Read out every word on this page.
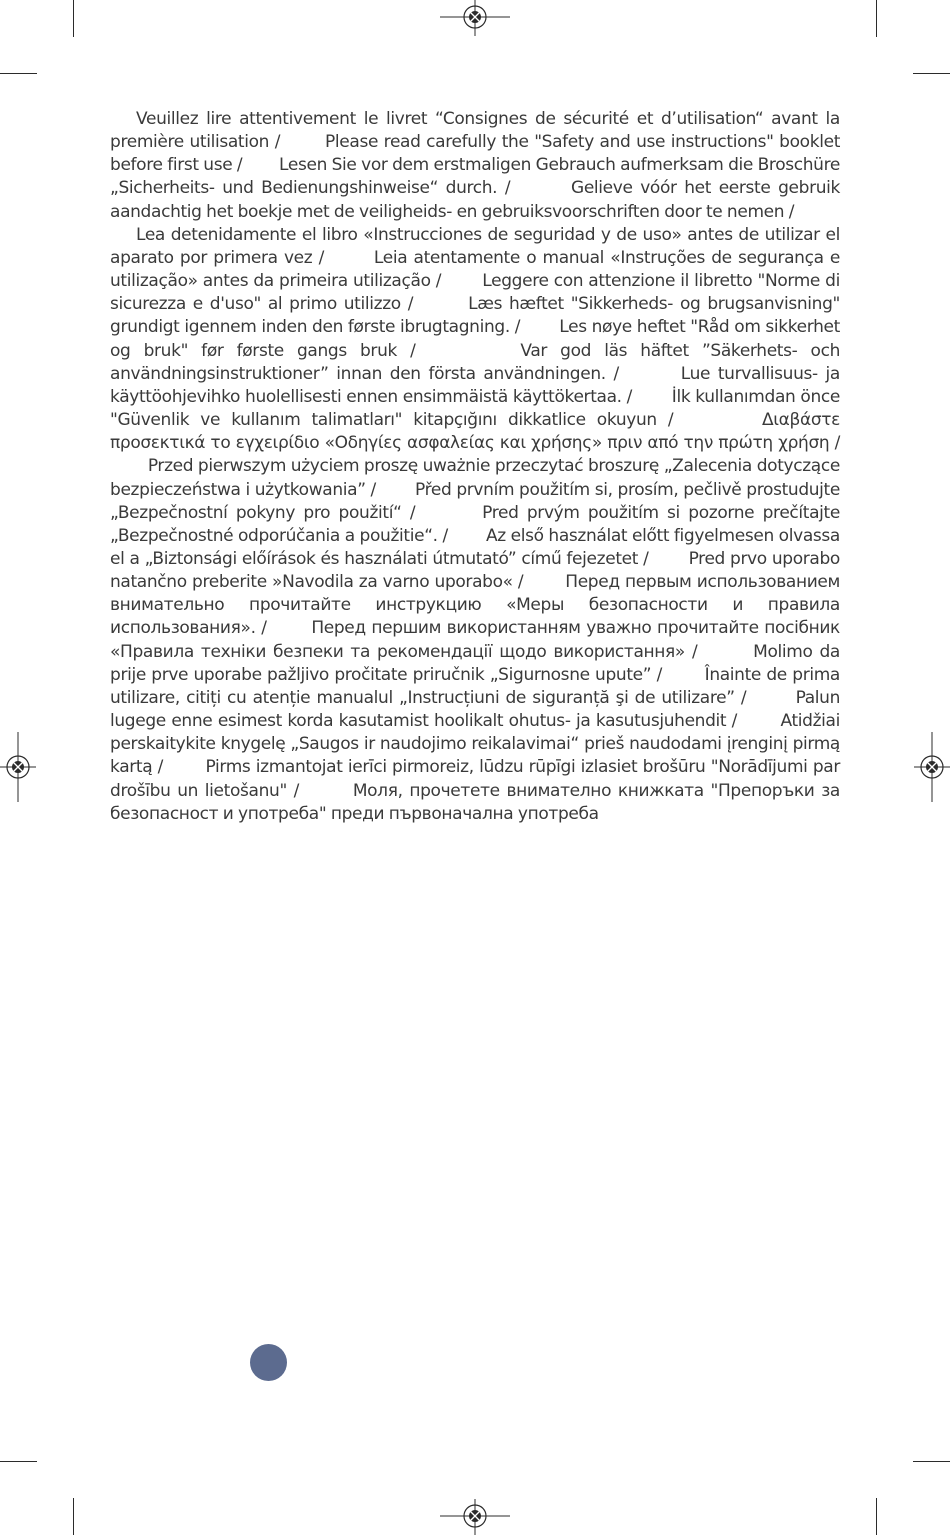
Veuillez lire attentivement le livret “Consignes de sécurité et d’utilisation“ avant la première utilisation /	Please read carefully the "Safety and use instructions" booklet before first use / Lesen Sie vor dem erstmaligen Gebrauch aufmerksam die Broschüre „Sicherheits- und Bedienungshinweise“ durch. /	Gelieve vóór het eerste gebruik aandachtig het boekje met de veiligheids- en gebruiksvoorschriften door te nemen /

Lea detenidamente el libro «Instrucciones de seguridad y de uso» antes de utilizar el aparato por primera vez /	Leia atentamente o manual «Instruções de segurança e utilização» antes da primeira utilização / Leggere con attenzione il libretto "Norme di sicurezza e d'uso" al primo utilizzo /	Læs hæftet "Sikkerheds- og brugsanvisning" grundigt igennem inden den første ibrugtagning. / Les nøye heftet "Råd om sikkerhet og bruk" før første gangs bruk /	Var god läs häftet ”Säkerhets- och användningsinstruktioner” innan den första användningen. /	Lue turvallisuus- ja käyttöohjevihko huolellisesti ennen ensimmäistä käyttökertaa. / İlk kullanımdan önce "Güvenlik ve kullanım talimatları" kitapçığını dikkatlice okuyun /	Διαβάστε προσεκτικά το εγχειρίδιο «Οδηγίες ασφαλείας και χρήσης» πριν από την πρώτη χρήση /        Przed pierwszym użyciem proszę uważnie przeczytać broszurę „Zalecenia dotyczące bezpieczeństwa i użytkowania” / Před prvním použitím si, prosím, pečlivě prostudujte „Bezpečnostní pokyny pro použití“ /	Pred prvým použitím si pozorne prečítajte „Bezpečnostné odporúčania a použitie“. / Az első használat előtt figyelmesen olvassa el a „Biztonsági előírások és használati útmutató” című fejezetet / Pred prvo uporabo natančno preberite »Navodila za varno uporabo« / Перед первым использованием внимательно прочитайте инструкцию «Меры безопасности и правила использования». /	Перед першим використанням уважно прочитайте посібник «Правила техніки безпеки та рекомендації щодо використання» /	Molimo da prije prve uporabe pažljivo pročitate priručnik „Sigurnosne upute” /	Înainte de prima utilizare, citiți cu atenție manualul „Instrucțiuni de siguranță şi de utilizare” /	Palun lugege enne esimest korda kasutamist hoolikalt ohutus- ja kasutusjuhendit /	Atidžiai perskaitykite knygelę „Saugos ir naudojimo reikalavimai“ prieš naudodami įrenginį pirmą kartą /	Pirms izmantojat ierīci pirmoreiz, lūdzu rūpīgi izlasiet brošūru "Norādījumi par drošību un lietošanu" /	Моля, прочетете внимателно книжката "Препоръки за безопасност и употреба" преди първоначална употреба
